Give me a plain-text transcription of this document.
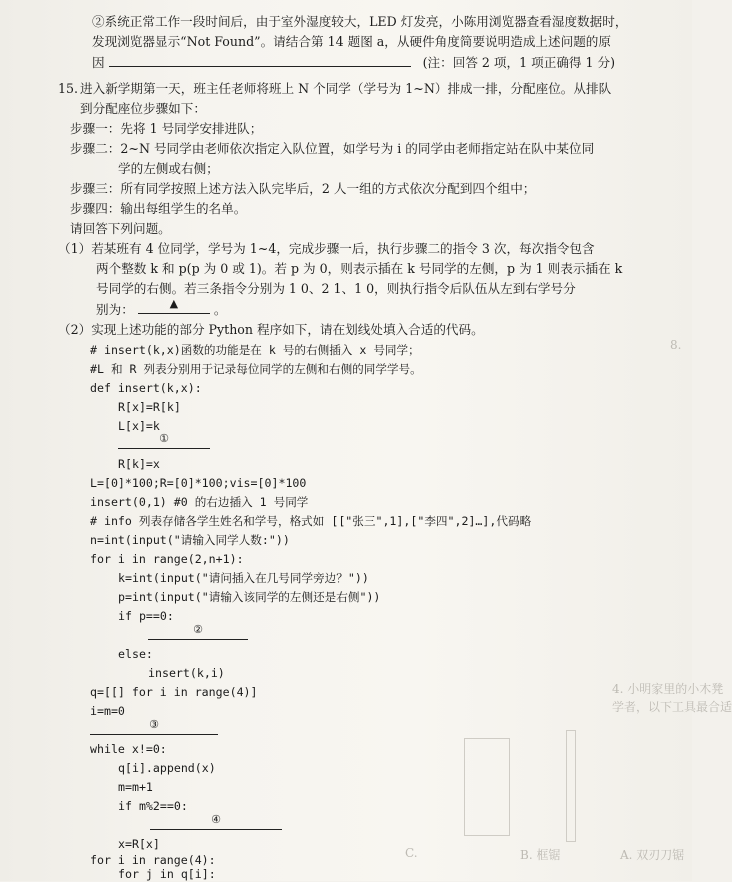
4. 小明家里的小木凳
学者，以下工具最合适
A. 双刃刀锯
B. 框锯
C.
8.
②系统正常工作一段时间后，由于室外湿度较大，LED 灯发亮，小陈用浏览器查看湿度数据时，
发现浏览器显示“Not Found”。请结合第 14 题图 a，从硬件角度简要说明造成上述问题的原
因	(注：回答 2 项，1 项正确得 1 分)
15. 进入新学期第一天，班主任老师将班上 N 个同学（学号为 1~N）排成一排，分配座位。从排队
到分配座位步骤如下：
步骤一：先将 1 号同学安排进队；
步骤二：2~N 号同学由老师依次指定入队位置，如学号为 i 的同学由老师指定站在队中某位同
学的左侧或右侧；
步骤三：所有同学按照上述方法入队完毕后，2 人一组的方式依次分配到四个组中；
步骤四：输出每组学生的名单。
请回答下列问题。
（1）若某班有 4 位同学，学号为 1~4，完成步骤一后，执行步骤二的指令 3 次，每次指令包含
两个整数 k 和 p(p 为 0 或 1)。若 p 为 0，则表示插在 k 号同学的左侧，p 为 1 则表示插在 k
号同学的右侧。若三条指令分别为 1 0、2 1、1 0，则执行指令后队伍从左到右学号分
别为：	▲	。
（2）实现上述功能的部分 Python 程序如下，请在划线处填入合适的代码。
# insert(k,x)函数的功能是在 k 号的右侧插入 x 号同学；
#L 和 R 列表分别用于记录每位同学的左侧和右侧的同学学号。
def insert(k,x):
R[x]=R[k]
L[x]=k
①
R[k]=x
L=[0]*100;R=[0]*100;vis=[0]*100
insert(0,1) #0 的右边插入 1 号同学
# info 列表存储各学生姓名和学号，格式如 [["张三",1],["李四",2]…],代码略
n=int(input("请输入同学人数:"))
for i in range(2,n+1):
k=int(input("请问插入在几号同学旁边？"))
p=int(input("请输入该同学的左侧还是右侧"))
if p==0:
②
else:
insert(k,i)
q=[[] for i in range(4)]
i=m=0
③
while x!=0:
q[i].append(x)
m=m+1
if m%2==0:
④
x=R[x]
for i in range(4):
for j in q[i]:
